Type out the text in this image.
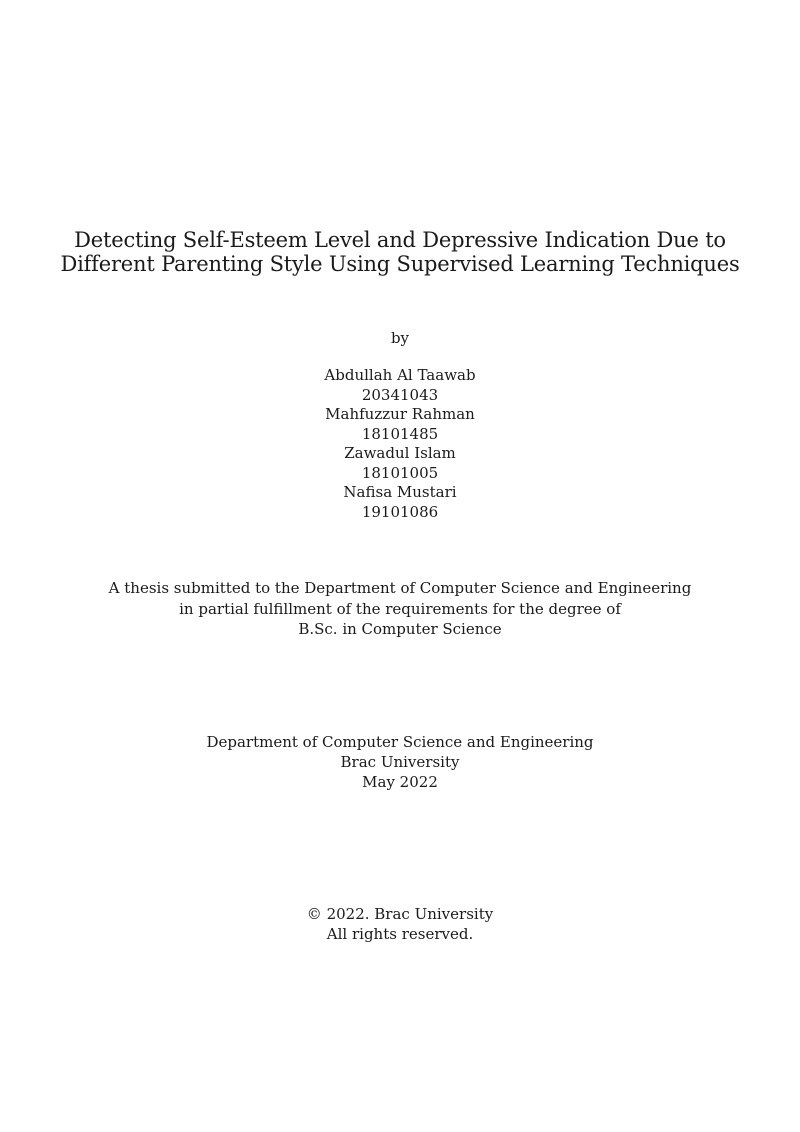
Detecting Self-Esteem Level and Depressive Indication Due to
Different Parenting Style Using Supervised Learning Techniques
by
Abdullah Al Taawab
20341043
Mahfuzzur Rahman
18101485
Zawadul Islam
18101005
Nafisa Mustari
19101086
A thesis submitted to the Department of Computer Science and Engineering
in partial fulfillment of the requirements for the degree of
B.Sc. in Computer Science
Department of Computer Science and Engineering
Brac University
May 2022
© 2022. Brac University
All rights reserved.
